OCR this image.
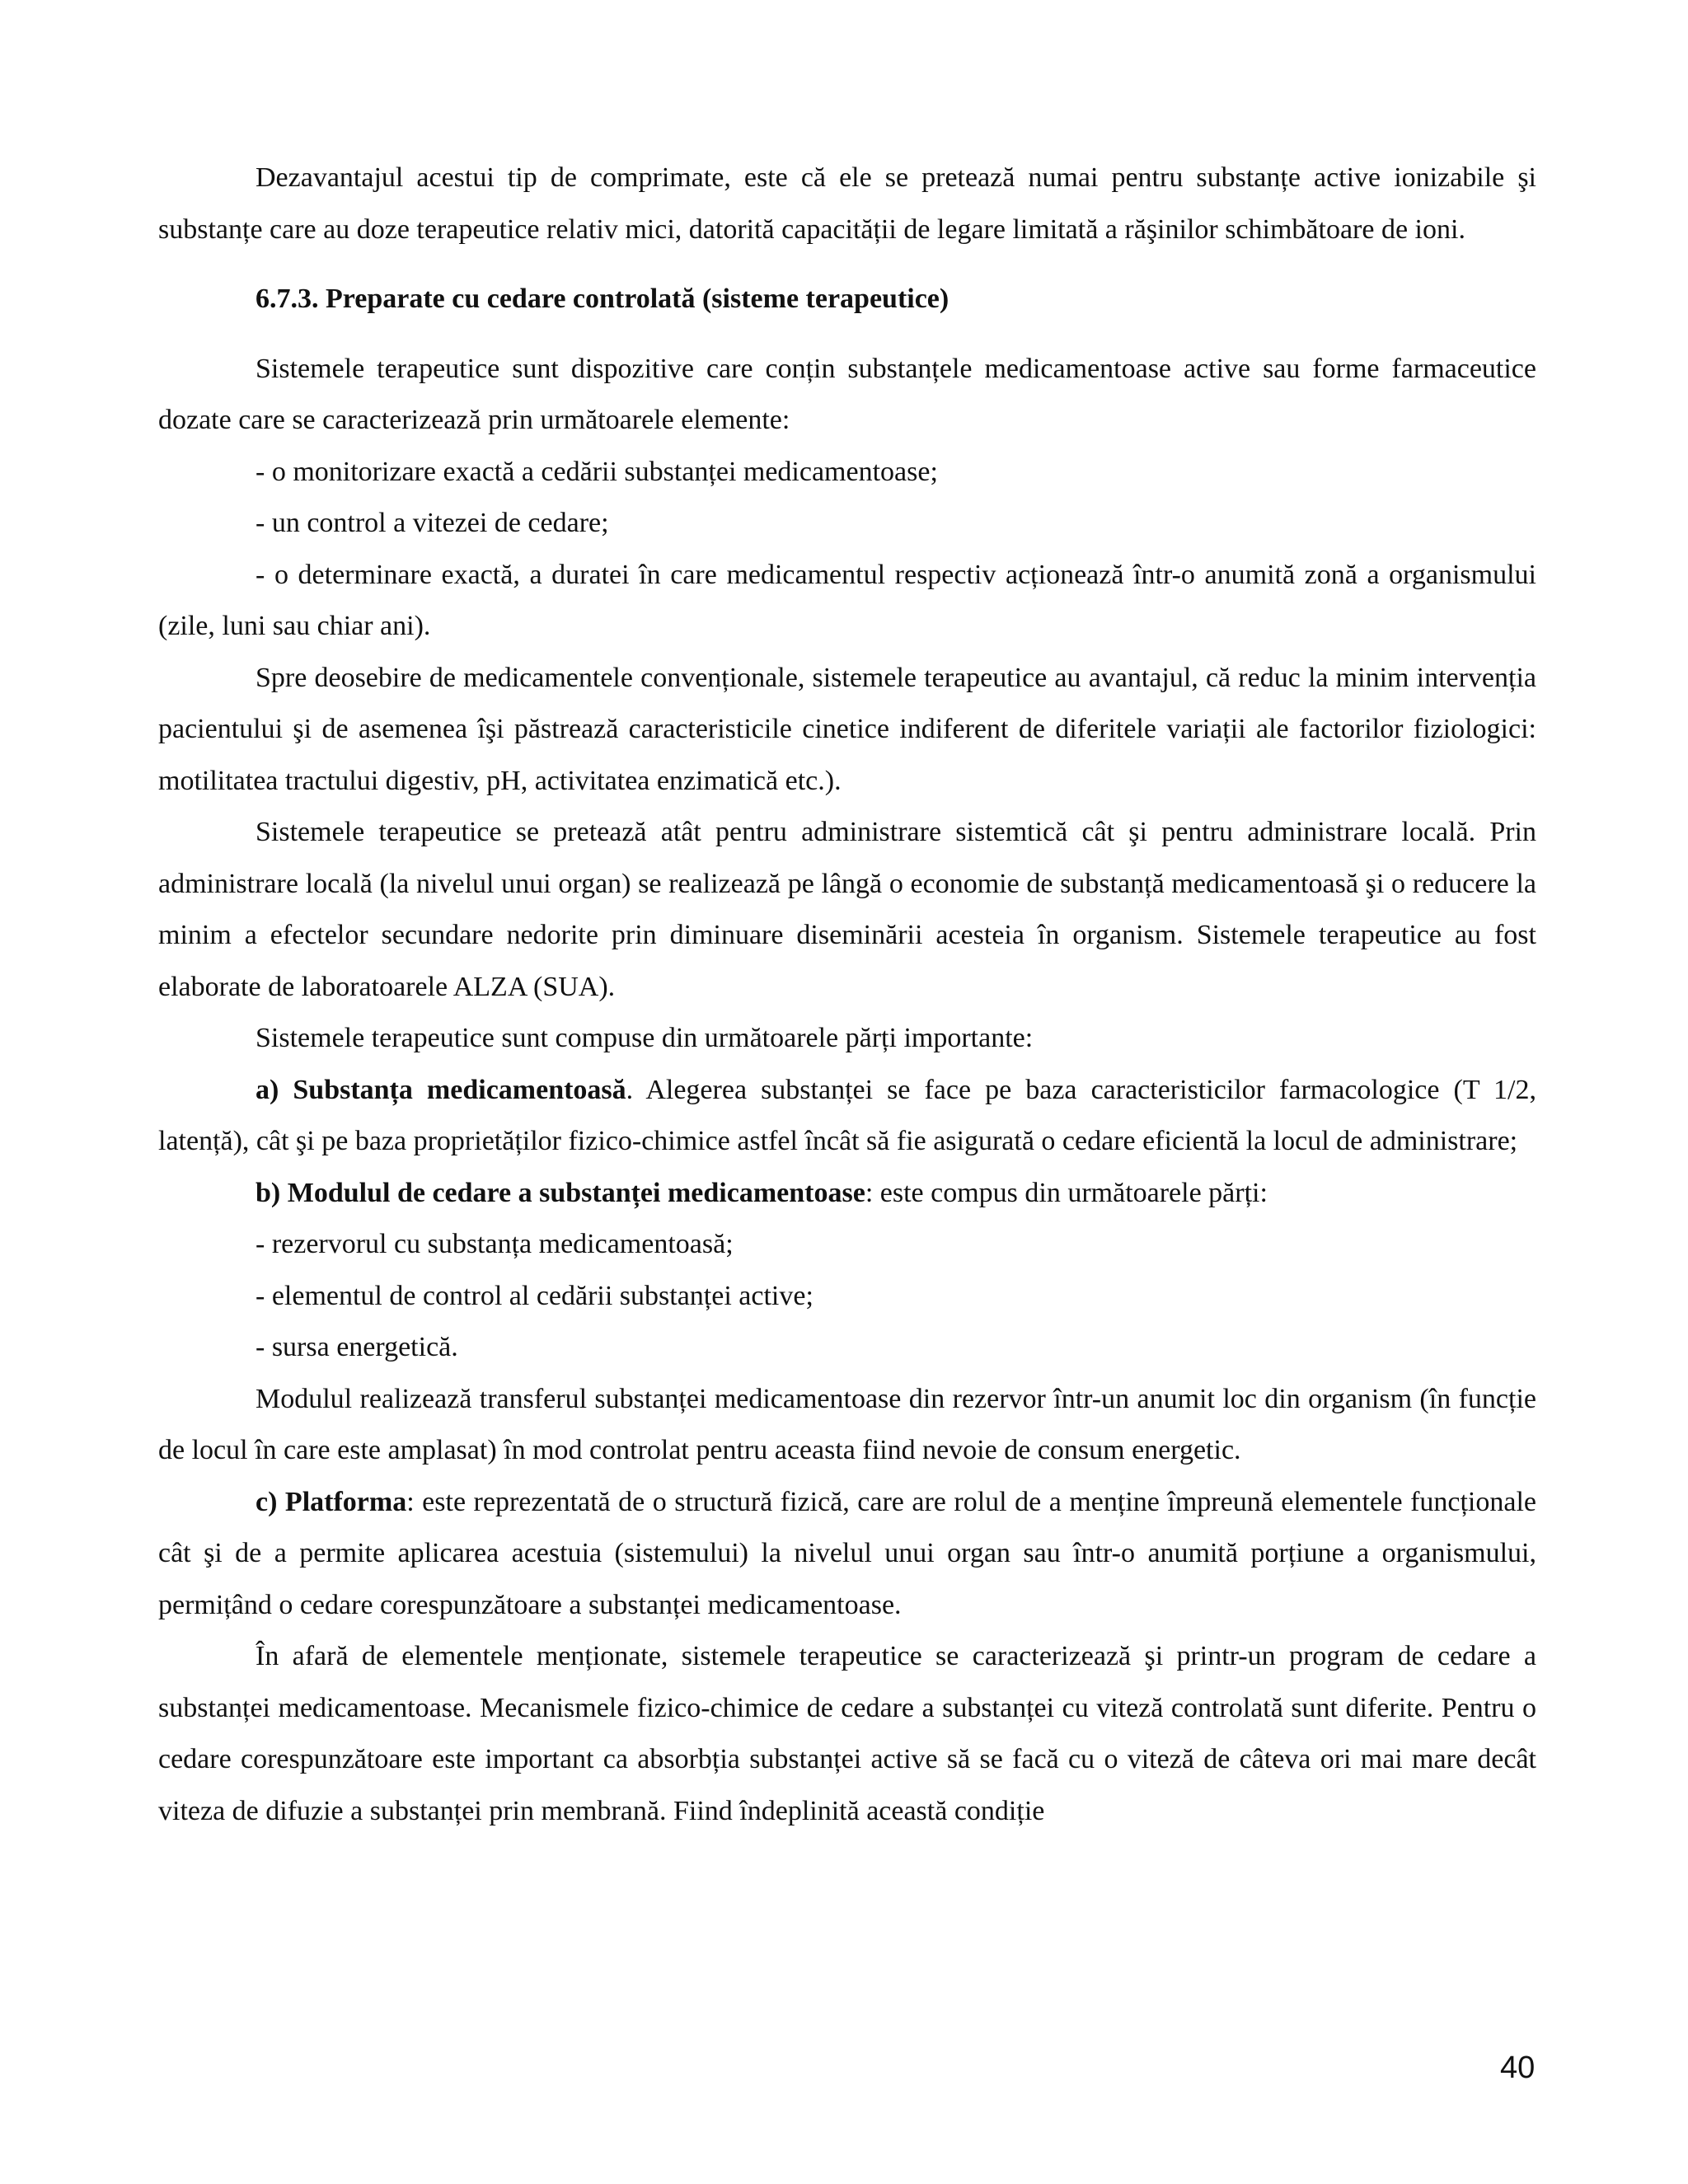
Dezavantajul acestui tip de comprimate, este că ele se pretează numai pentru substanțe active ionizabile şi substanțe care au doze terapeutice relativ mici, datorită capacității de legare limitată a răşinilor schimbătoare de ioni.

6.7.3. Preparate cu cedare controlată (sisteme terapeutice)

Sistemele terapeutice sunt dispozitive care conțin substanțele medicamentoase active sau forme farmaceutice dozate care se caracterizează prin următoarele elemente:

- o monitorizare exactă a cedării substanței medicamentoase;

- un control a vitezei de cedare;

- o determinare exactă, a duratei în care medicamentul respectiv acționează într-o anumită zonă a organismului (zile, luni sau chiar ani).

Spre deosebire de medicamentele convenționale, sistemele terapeutice au avantajul, că reduc la minim intervenția pacientului şi de asemenea îşi păstrează caracteristicile cinetice indiferent de diferitele variații ale factorilor fiziologici: motilitatea tractului digestiv, pH, activitatea enzimatică etc.).

Sistemele terapeutice se pretează atât pentru administrare sistemtică cât şi pentru administrare locală. Prin administrare locală (la nivelul unui organ) se realizează pe lângă o economie de substanță medicamentoasă şi o reducere la minim a efectelor secundare nedorite prin diminuare diseminării acesteia în organism. Sistemele terapeutice au fost elaborate de laboratoarele ALZA (SUA).

Sistemele terapeutice sunt compuse din următoarele părți importante:

a) Substanța medicamentoasă. Alegerea substanței se face pe baza caracteristicilor farmacologice (T 1/2, latență), cât şi pe baza proprietăților fizico-chimice astfel încât să fie asigurată o cedare eficientă la locul de administrare;

b) Modulul de cedare a substanței medicamentoase: este compus din următoarele părți:

- rezervorul cu substanța medicamentoasă;

- elementul de control al cedării substanței active;

- sursa energetică.

Modulul realizează transferul substanței medicamentoase din rezervor într-un anumit loc din organism (în funcție de locul în care este amplasat) în mod controlat pentru aceasta fiind nevoie de consum energetic.

c) Platforma: este reprezentată de o structură fizică, care are rolul de a menține împreună elementele funcționale cât şi de a permite aplicarea acestuia (sistemului) la nivelul unui organ sau într-o anumită porțiune a organismului, permițând o cedare corespunzătoare a substanței medicamentoase.

În afară de elementele menționate, sistemele terapeutice se caracterizează şi printr-un program de cedare a substanței medicamentoase. Mecanismele fizico-chimice de cedare a substanței cu viteză controlată sunt diferite. Pentru o cedare corespunzătoare este important ca absorbția substanței active să se facă cu o viteză de câteva ori mai mare decât viteza de difuzie a substanței prin membrană. Fiind îndeplinită această condiție

40
